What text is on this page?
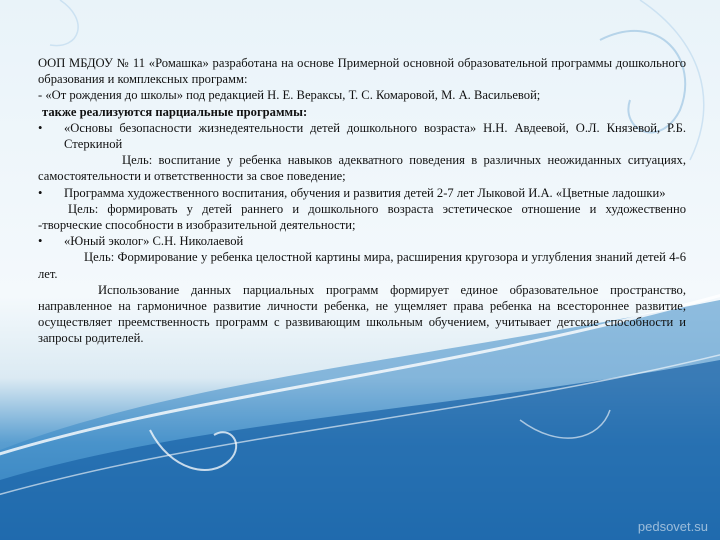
ООП МБДОУ № 11 «Ромашка» разработана на основе Примерной основной образовательной программы дошкольного образования и комплексных программ:

- «От рождения до школы» под редакцией Н. Е. Вераксы, Т. С. Комаровой, М. А. Васильевой;

также реализуются парциальные программы:

•	«Основы безопасности жизнедеятельности детей дошкольного возраста» Н.Н. Авдеевой, О.Л. Князевой, Р.Б. Стеркиной

Цель: воспитание у ребенка навыков адекватного поведения в различных неожиданных ситуациях, самостоятельности и ответственности за свое поведение;

•	Программа художественного воспитания, обучения и развития детей 2-7 лет Лыковой И.А. «Цветные ладошки»

Цель: формировать у детей раннего и дошкольного возраста эстетическое отношение и художественно -творческие способности в изобразительной деятельности;

•	«Юный эколог» С.Н. Николаевой

Цель: Формирование у ребенка целостной картины мира, расширения кругозора и углубления знаний детей 4-6 лет.

Использование данных парциальных программ формирует единое образовательное пространство, направленное на гармоничное развитие личности ребенка, не ущемляет права ребенка на всестороннее развитие, осуществляет преемственность программ с развивающим школьным обучением, учитывает детские способности и запросы родителей.

pedsovet.su
